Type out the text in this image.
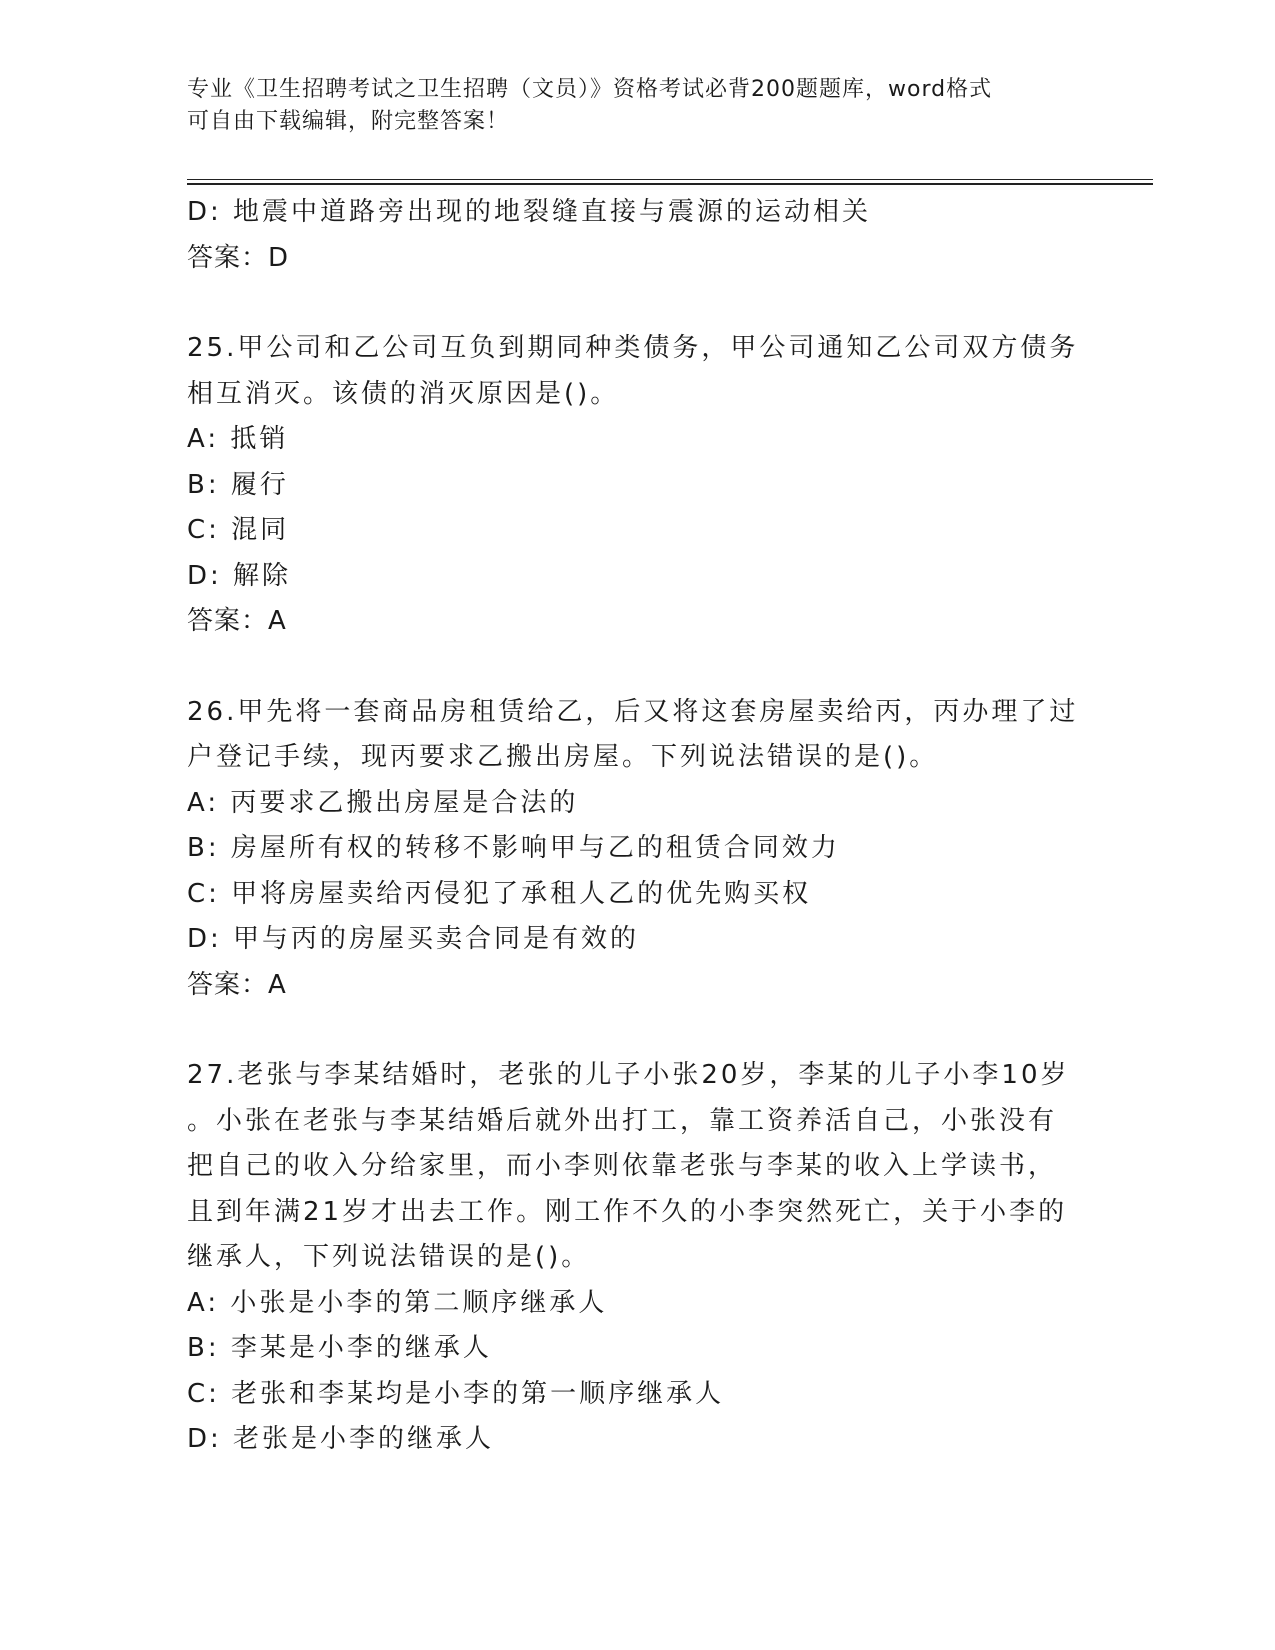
专业《卫生招聘考试之卫生招聘（文员）》资格考试必背200题题库，word格式
可自由下载编辑，附完整答案！
D: 地震中道路旁出现的地裂缝直接与震源的运动相关
答案：D
25.甲公司和乙公司互负到期同种类债务，甲公司通知乙公司双方债务
相互消灭。该债的消灭原因是()。
A: 抵销
B: 履行
C: 混同
D: 解除
答案：A
26.甲先将一套商品房租赁给乙，后又将这套房屋卖给丙，丙办理了过
户登记手续，现丙要求乙搬出房屋。下列说法错误的是()。
A: 丙要求乙搬出房屋是合法的
B: 房屋所有权的转移不影响甲与乙的租赁合同效力
C: 甲将房屋卖给丙侵犯了承租人乙的优先购买权
D: 甲与丙的房屋买卖合同是有效的
答案：A
27.老张与李某结婚时，老张的儿子小张20岁，李某的儿子小李10岁
。小张在老张与李某结婚后就外出打工，靠工资养活自己，小张没有
把自己的收入分给家里，而小李则依靠老张与李某的收入上学读书，
且到年满21岁才出去工作。刚工作不久的小李突然死亡，关于小李的
继承人，下列说法错误的是()。
A: 小张是小李的第二顺序继承人
B: 李某是小李的继承人
C: 老张和李某均是小李的第一顺序继承人
D: 老张是小李的继承人
